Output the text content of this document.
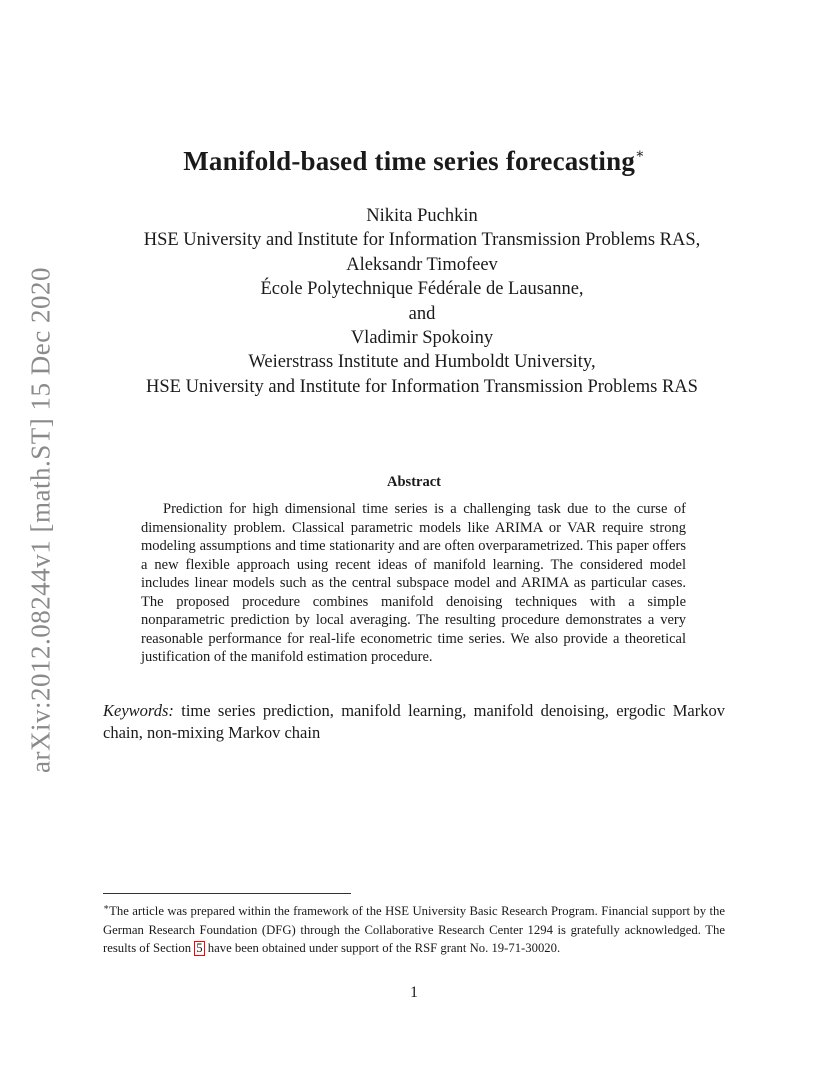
arXiv:2012.08244v1 [math.ST] 15 Dec 2020
Manifold-based time series forecasting∗
Nikita Puchkin
HSE University and Institute for Information Transmission Problems RAS,
Aleksandr Timofeev
École Polytechnique Fédérale de Lausanne,
and
Vladimir Spokoiny
Weierstrass Institute and Humboldt University,
HSE University and Institute for Information Transmission Problems RAS
Abstract
Prediction for high dimensional time series is a challenging task due to the curse of dimensionality problem. Classical parametric models like ARIMA or VAR require strong modeling assumptions and time stationarity and are often overparametrized. This paper offers a new flexible approach using recent ideas of manifold learning. The considered model includes linear models such as the central subspace model and ARIMA as particular cases. The proposed procedure combines manifold denoising techniques with a simple nonparametric prediction by local averaging. The resulting procedure demonstrates a very reasonable performance for real-life econometric time series. We also provide a theoretical justification of the manifold estimation procedure.
Keywords: time series prediction, manifold learning, manifold denoising, ergodic Markov chain, non-mixing Markov chain
∗The article was prepared within the framework of the HSE University Basic Research Program. Financial support by the German Research Foundation (DFG) through the Collaborative Research Center 1294 is gratefully acknowledged. The results of Section 5 have been obtained under support of the RSF grant No. 19-71-30020.
1
